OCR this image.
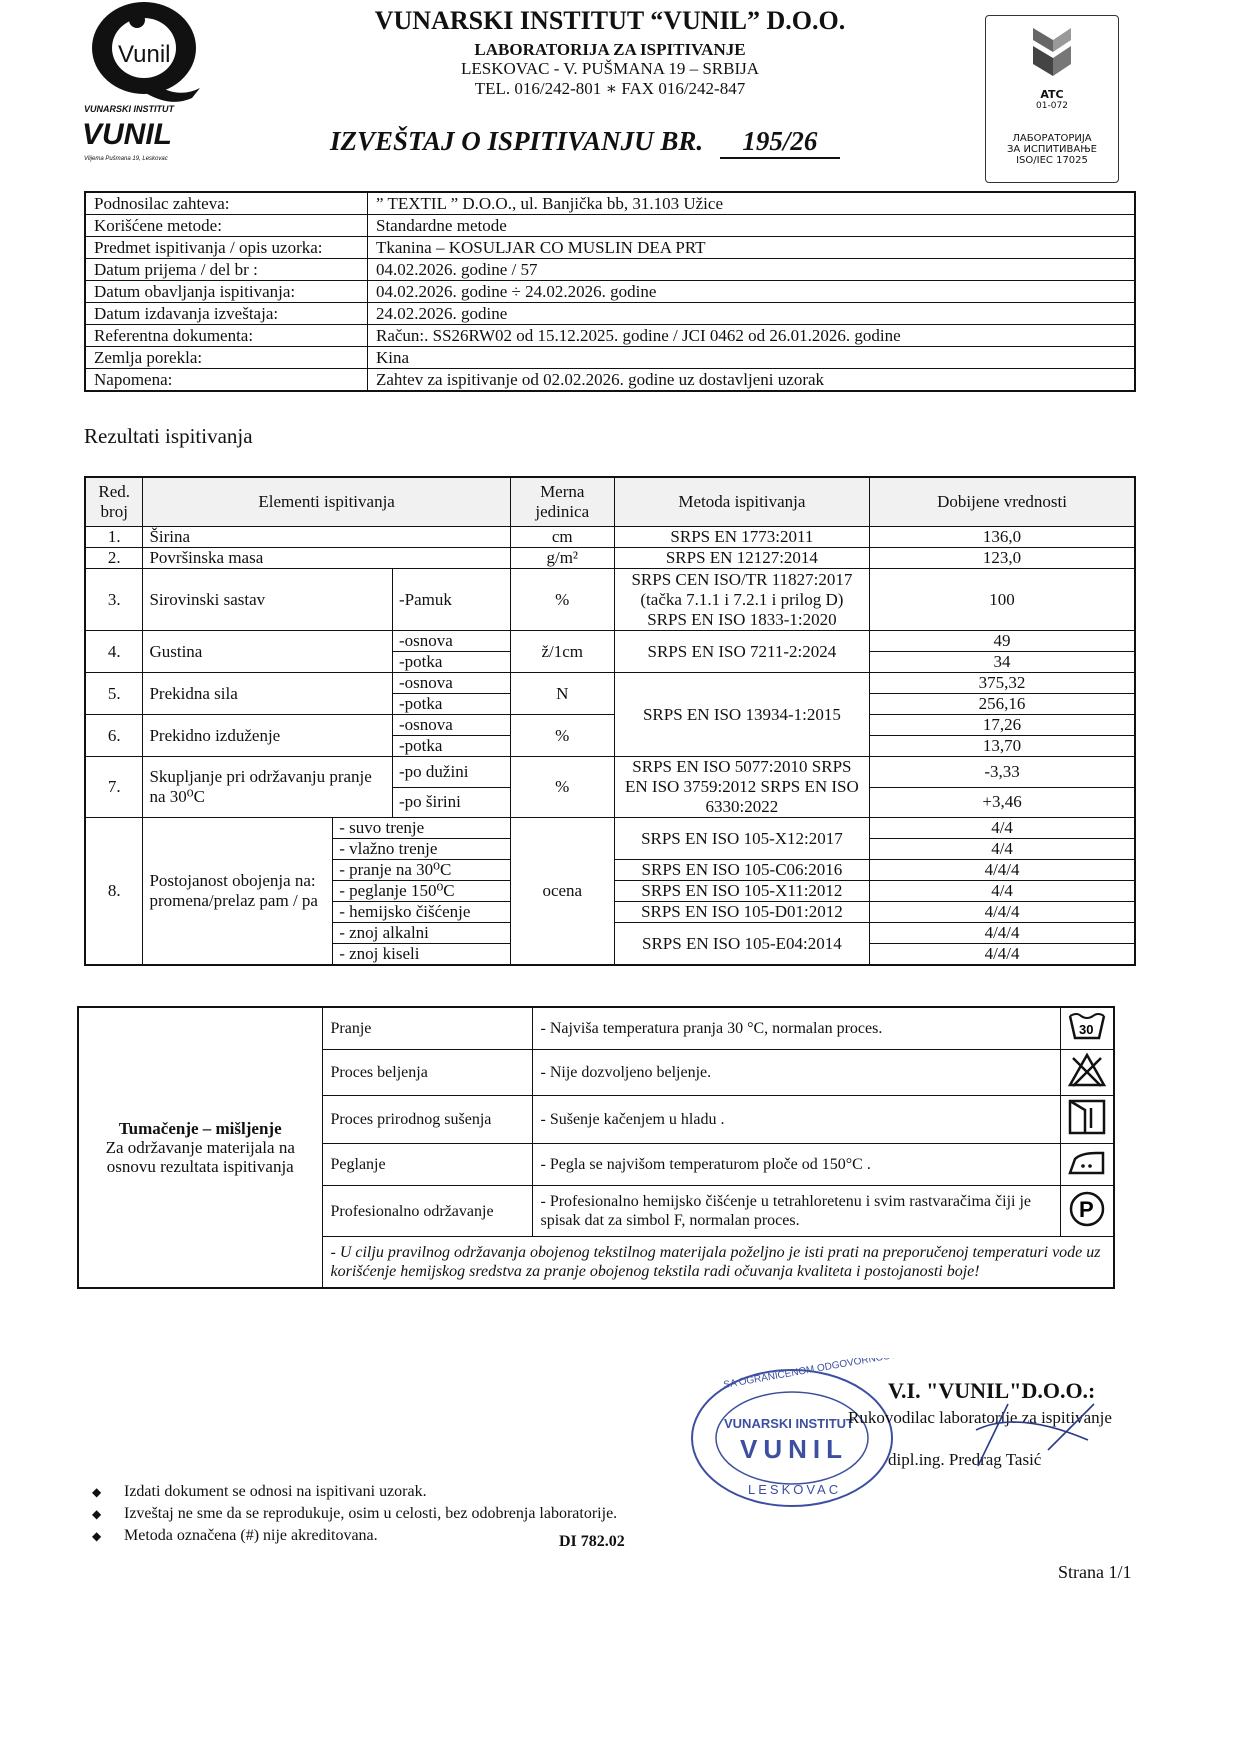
Vunil
VUNARSKI INSTITUT
VUNIL
Vlijema Pušmana 19, Leskovac
VUNARSKI INSTITUT “VUNIL” D.O.O.
LABORATORIJA ZA ISPITIVANJE
LESKOVAC - V. PUŠMANA 19 – SRBIJA
TEL. 016/242-801 ∗ FAX 016/242-847
IZVEŠTAJ O ISPITIVANJU BR. 195/26
ATC
01-072
ЛАБОРАТОРИЈА
ЗА ИСПИТИВАЊЕ
ISO/IEC 17025
Podnosilac zahteva:	” TEXTIL ” D.O.O., ul. Banjička bb, 31.103 Užice
Korišćene metode:	Standardne metode
Predmet ispitivanja / opis uzorka:	Tkanina – KOSULJAR CO MUSLIN DEA PRT
Datum prijema / del br :	04.02.2026. godine / 57
Datum obavljanja ispitivanja:	04.02.2026. godine ÷ 24.02.2026. godine
Datum izdavanja izveštaja:	24.02.2026. godine
Referentna dokumenta:	Račun:. SS26RW02 od 15.12.2025. godine / JCI 0462 od 26.01.2026. godine
Zemlja porekla:	Kina
Napomena:	Zahtev za ispitivanje od 02.02.2026. godine uz dostavljeni uzorak
Rezultati ispitivanja
Red. broj	Elementi ispitivanja			Merna jedinica	Metoda ispitivanja	Dobijene vrednosti
1.	Širina			cm	SRPS EN 1773:2011	136,0
2.	Površinska masa			g/m²	SRPS EN 12127:2014	123,0
3.	Sirovinski sastav		-Pamuk	%	SRPS CEN ISO/TR 11827:2017 (tačka 7.1.1 i 7.2.1 i prilog D) SRPS EN ISO 1833-1:2020	100
4.	Gustina		-osnova	ž/1cm	SRPS EN ISO 7211-2:2024	49
			-potka			34
5.	Prekidna sila		-osnova	N	SRPS EN ISO 13934-1:2015	375,32
			-potka			256,16
6.	Prekidno izduženje		-osnova	%		17,26
			-potka			13,70
7.	Skupljanje pri održavanju pranje na 30⁰C		-po dužini	%	SRPS EN ISO 5077:2010 SRPS EN ISO 3759:2012 SRPS EN ISO 6330:2022	-3,33
			-po širini			+3,46
8.	Postojanost obojenja na: promena/prelaz pam / pa	- suvo trenje		ocena	SRPS EN ISO 105-X12:2017	4/4
		- vlažno trenje				4/4
		- pranje na 30⁰C			SRPS EN ISO 105-C06:2016	4/4/4
		- peglanje 150⁰C			SRPS EN ISO 105-X11:2012	4/4
		- hemijsko čišćenje			SRPS EN ISO 105-D01:2012	4/4/4
		- znoj alkalni			SRPS EN ISO 105-E04:2014	4/4/4
		- znoj kiseli				4/4/4
Tumačenje – mišljenje
Za održavanje materijala na osnovu rezultata ispitivanja	Pranje	- Najviša temperatura pranja 30 °C, normalan proces.	30

	Proces beljenja	- Nije dozvoljeno beljenje.	
	Proces prirodnog sušenja	- Sušenje kačenjem u hladu .	
	Peglanje	- Pegla se najvišom temperaturom ploče od 150°C .	
	Profesionalno održavanje	- Profesionalno hemijsko čišćenje u tetrahloretenu i svim rastvaračima čiji je spisak dat za simbol F, normalan proces.	P

	- U cilju pravilnog održavanja obojenog tekstilnog materijala poželjno je isti prati na preporučenoj temperaturi vode uz korišćenje hemijskog sredstva za pranje obojenog tekstila radi očuvanja kvaliteta i postojanosti boje!		
SA OGRANIČENOM ODGOVORNOŠĆU
VUNARSKI INSTITUT
VUNIL
LESKOVAC
V.I. "VUNIL"D.O.O.:
Rukovodilac laboratorije za ispitivanje
dipl.ing. Predrag Tasić
◆ Izdati dokument se odnosi na ispitivani uzorak.
◆ Izveštaj ne sme da se reprodukuje, osim u celosti, bez odobrenja laboratorije.
◆ Metoda označena (#) nije akreditovana.	DI 782.02
Strana 1/1
